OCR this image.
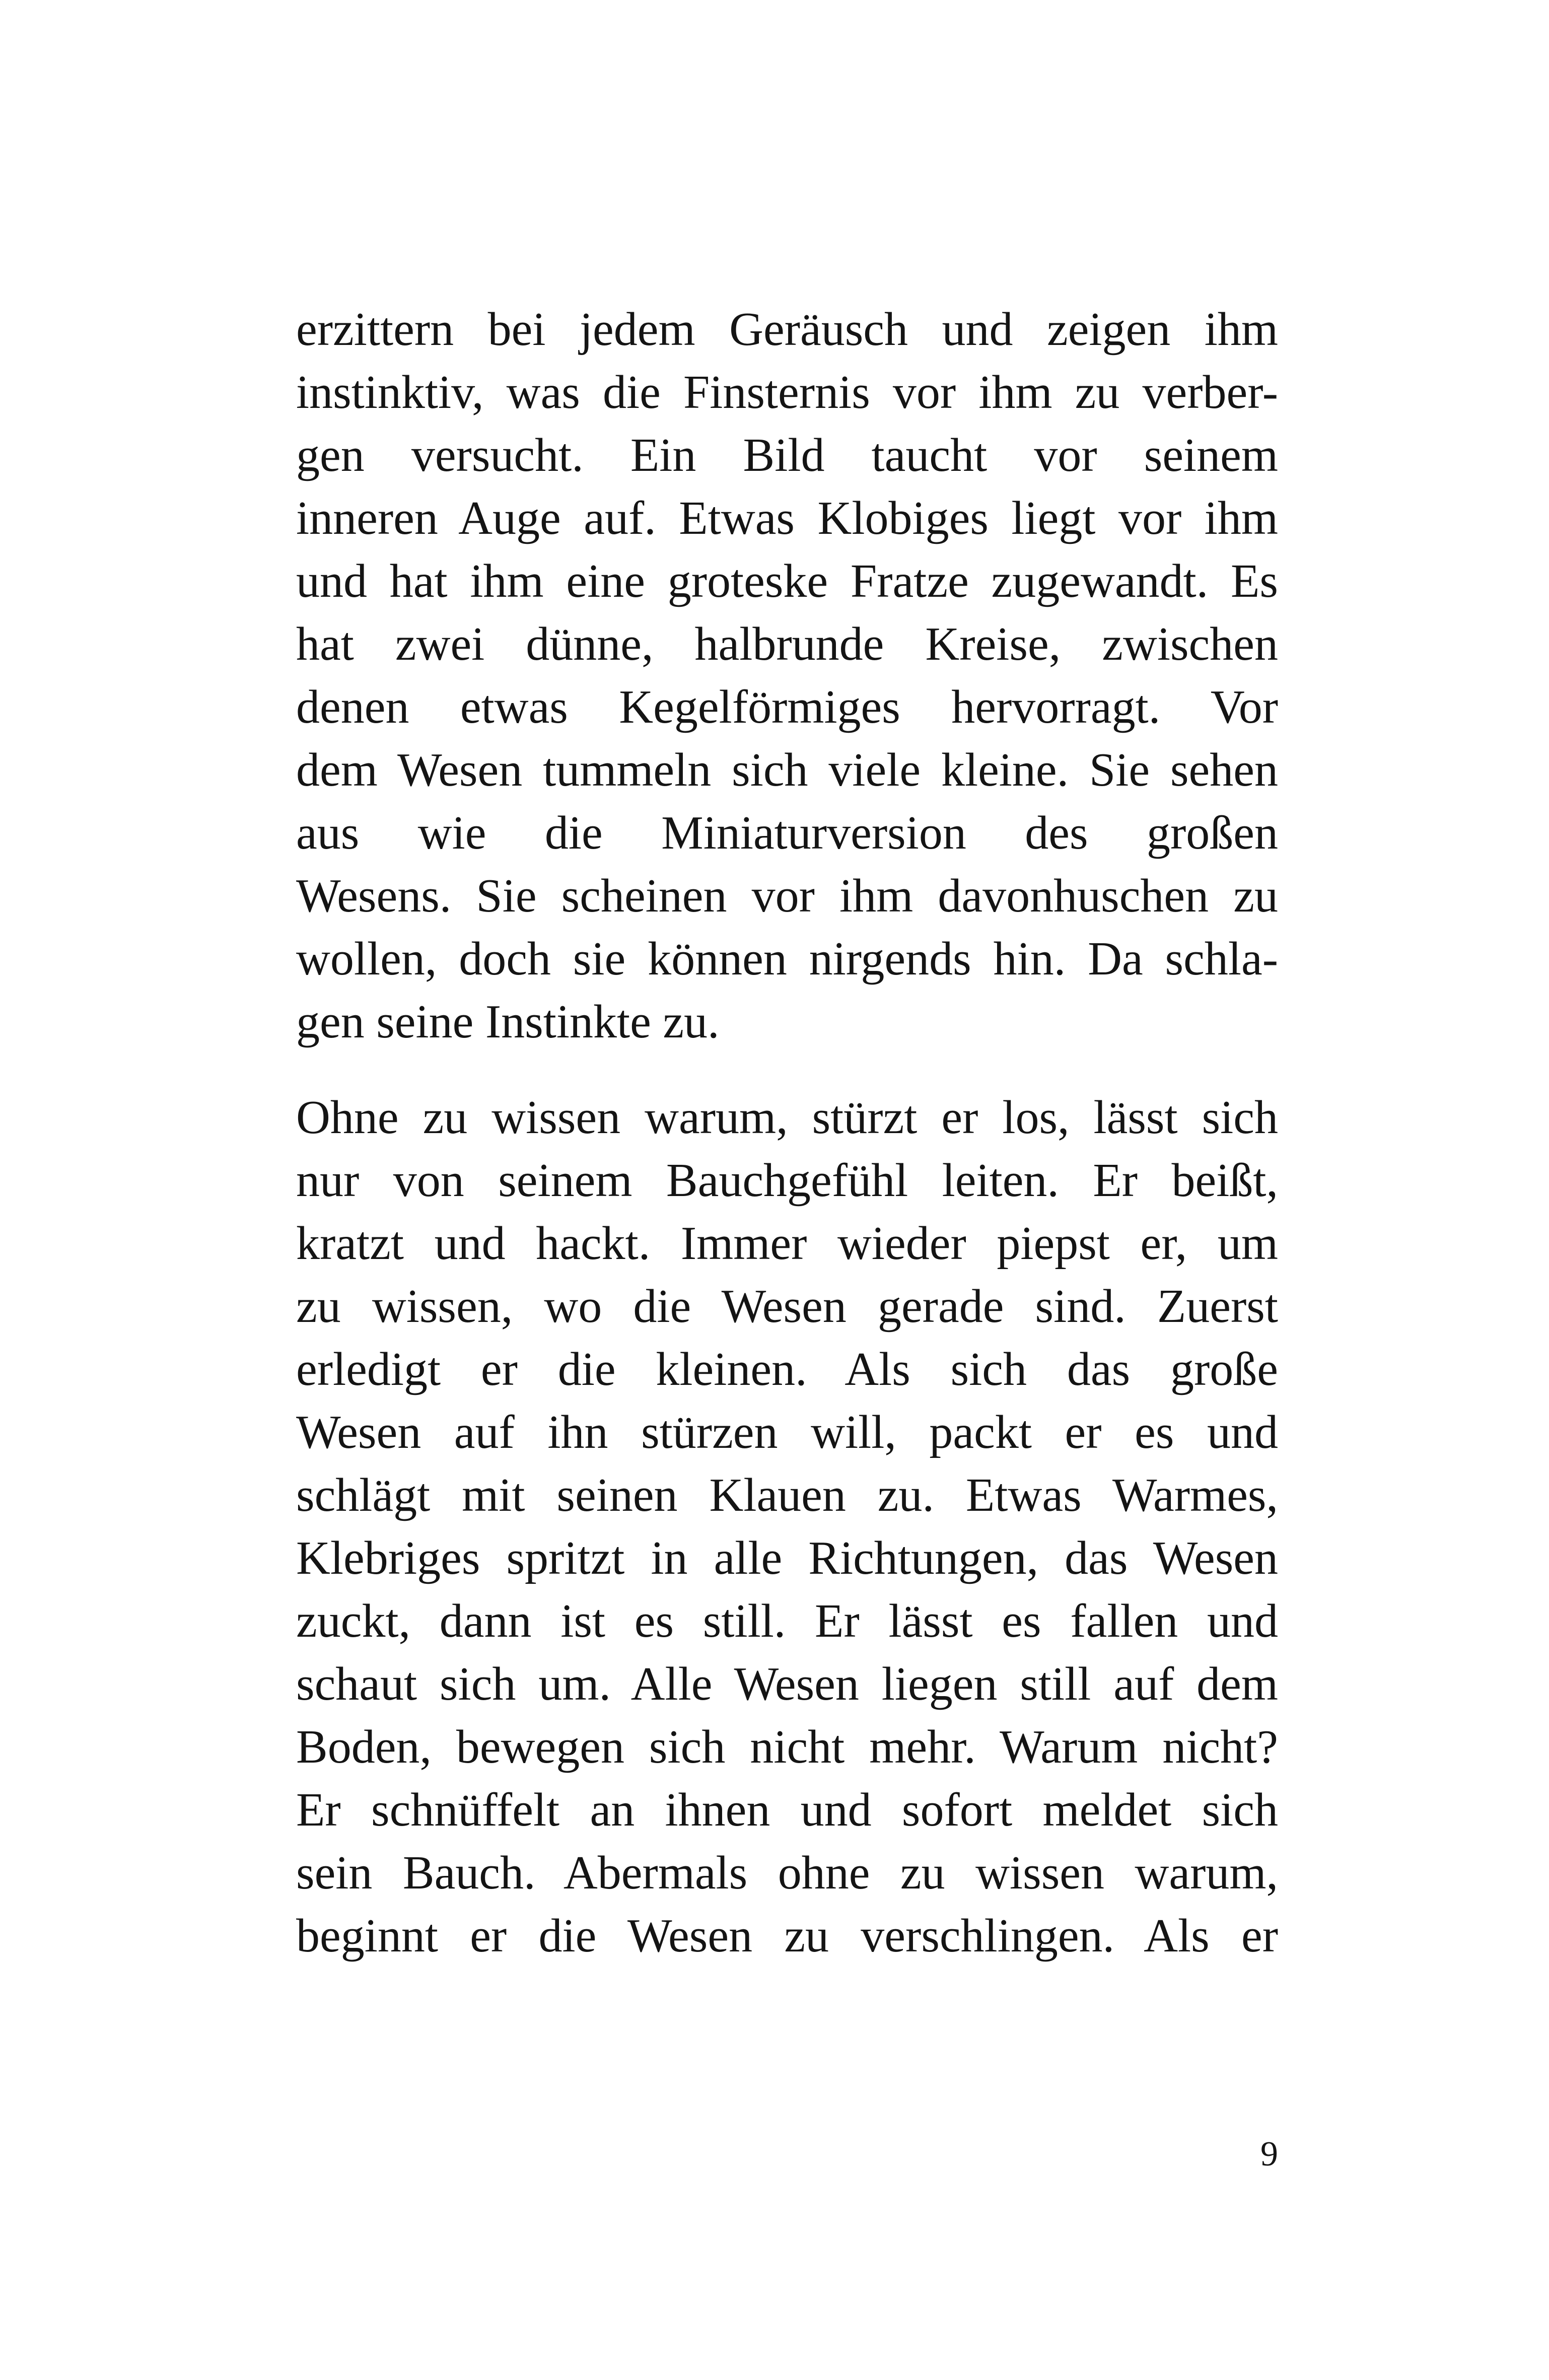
erzittern bei jedem Geräusch und zeigen ihm
instinktiv, was die Finsternis vor ihm zu verber-
gen versucht. Ein Bild taucht vor seinem
inneren Auge auf. Etwas Klobiges liegt vor ihm
und hat ihm eine groteske Fratze zugewandt. Es
hat zwei dünne, halbrunde Kreise, zwischen
denen etwas Kegelförmiges hervorragt. Vor
dem Wesen tummeln sich viele kleine. Sie sehen
aus wie die Miniaturversion des großen
Wesens. Sie scheinen vor ihm davonhuschen zu
wollen, doch sie können nirgends hin. Da schla-
gen seine Instinkte zu.
Ohne zu wissen warum, stürzt er los, lässt sich
nur von seinem Bauchgefühl leiten. Er beißt,
kratzt und hackt. Immer wieder piepst er, um
zu wissen, wo die Wesen gerade sind. Zuerst
erledigt er die kleinen. Als sich das große
Wesen auf ihn stürzen will, packt er es und
schlägt mit seinen Klauen zu. Etwas Warmes,
Klebriges spritzt in alle Richtungen, das Wesen
zuckt, dann ist es still. Er lässt es fallen und
schaut sich um. Alle Wesen liegen still auf dem
Boden, bewegen sich nicht mehr. Warum nicht?
Er schnüffelt an ihnen und sofort meldet sich
sein Bauch. Abermals ohne zu wissen warum,
beginnt er die Wesen zu verschlingen. Als er
9
